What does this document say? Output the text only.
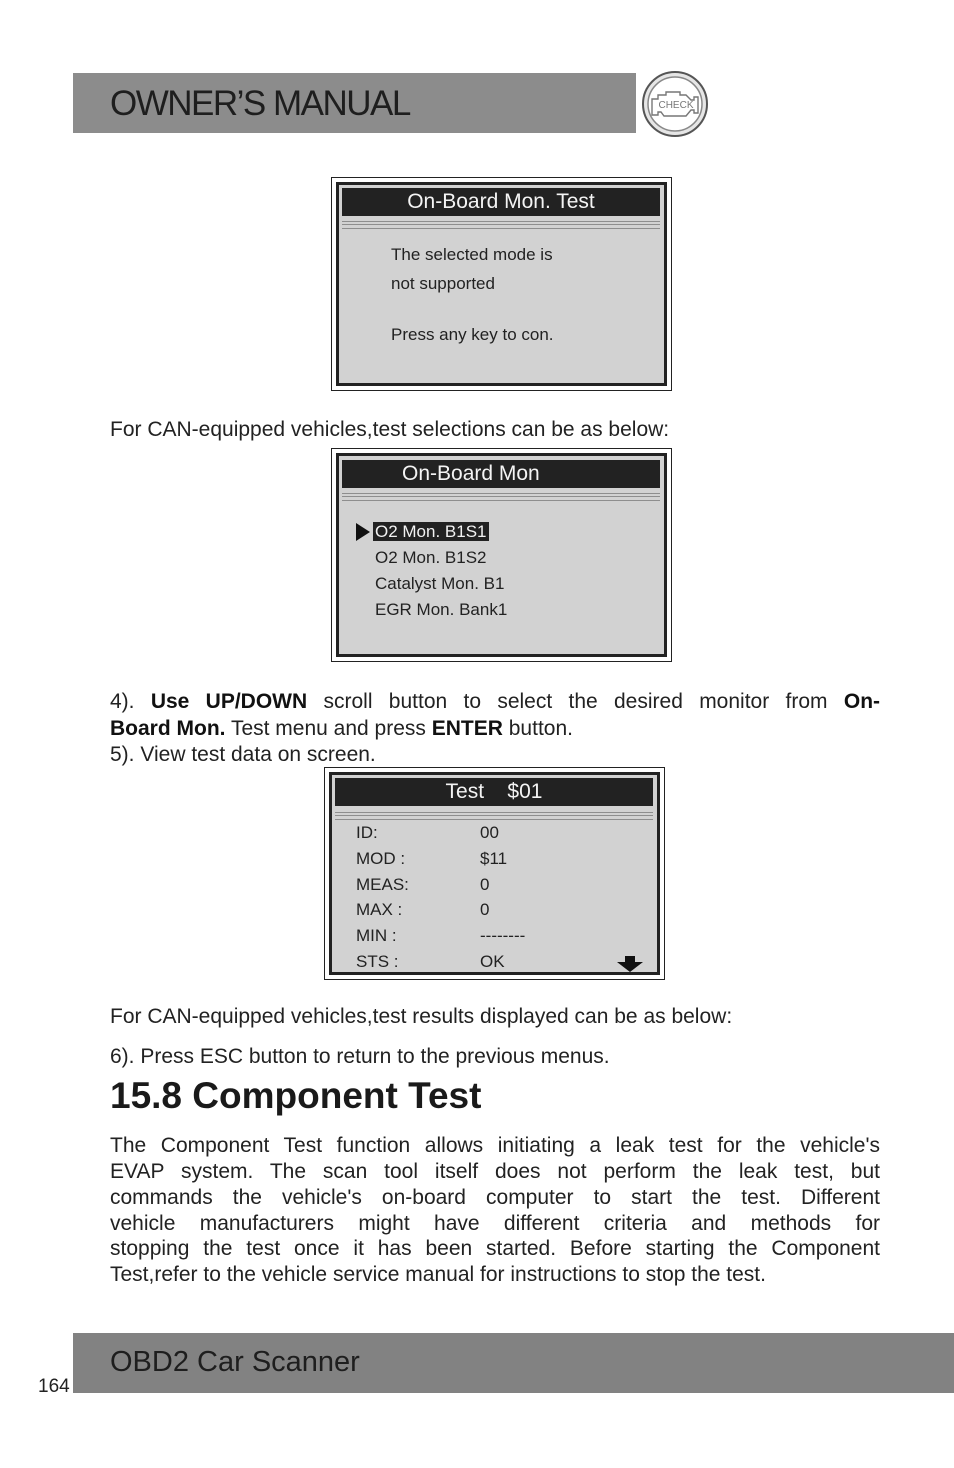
OWNER’S MANUAL	CHECK
On-Board Mon. Test
The selected mode is
not supported
Press any key to con.
For CAN-equipped vehicles,test selections can be as below:
On-Board Mon
O2 Mon. B1S1
O2 Mon. B1S2
Catalyst Mon. B1
EGR Mon. Bank1
4). Use UP/DOWN scroll button to select the desired monitor from On-
Board Mon. Test menu and press ENTER button.
5). View test data on screen.
Test    $01
ID:	00
MOD :	$11
MEAS:	0
MAX :	0
MIN :	--------
STS :	OK
For CAN-equipped vehicles,test results displayed can be as below:
6). Press ESC button to return to the previous menus.
15.8 Component Test
The Component Test function allows initiating a leak test for the vehicle's
EVAP system. The scan tool itself does not perform the leak test, but
commands the vehicle's on-board computer to start the test. Different
vehicle manufacturers might have different criteria and methods for
stopping the test once it has been started. Before starting the Component
Test,refer to the vehicle service manual for instructions to stop the test.
OBD2 Car Scanner
164
